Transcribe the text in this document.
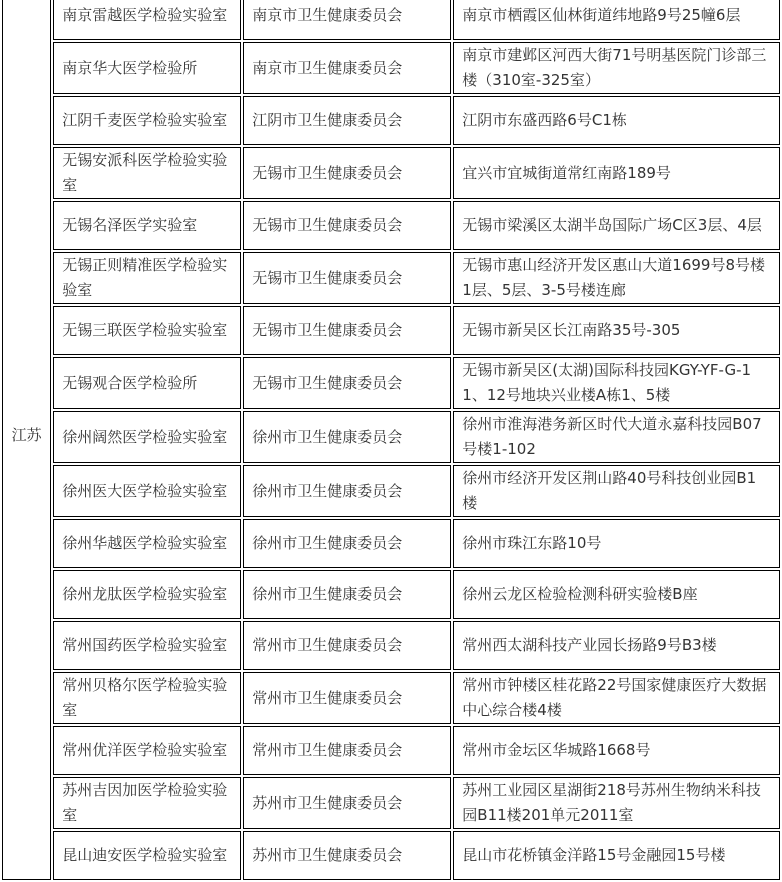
江苏	南京雷越医学检验实验室	南京市卫生健康委员会	南京市栖霞区仙林街道纬地路9号25幢6层
	南京华大医学检验所	南京市卫生健康委员会	南京市建邺区河西大街71号明基医院门诊部三楼（310室-325室）
	江阴千麦医学检验实验室	江阴市卫生健康委员会	江阴市东盛西路6号C1栋
	无锡安派科医学检验实验室	无锡市卫生健康委员会	宜兴市宜城街道常红南路189号
	无锡名泽医学实验室	无锡市卫生健康委员会	无锡市梁溪区太湖半岛国际广场C区3层、4层
	无锡正则精准医学检验实验室	无锡市卫生健康委员会	无锡市惠山经济开发区惠山大道1699号8号楼1层、5层、3-5号楼连廊
	无锡三联医学检验实验室	无锡市卫生健康委员会	无锡市新吴区长江南路35号-305
	无锡观合医学检验所	无锡市卫生健康委员会	无锡市新吴区(太湖)国际科技园KGY-YF-G-11、12号地块兴业楼A栋1、5楼
	徐州阔然医学检验实验室	徐州市卫生健康委员会	徐州市淮海港务新区时代大道永嘉科技园B07号楼1-102
	徐州医大医学检验实验室	徐州市卫生健康委员会	徐州市经济开发区荆山路40号科技创业园B1楼
	徐州华越医学检验实验室	徐州市卫生健康委员会	徐州市珠江东路10号
	徐州龙肽医学检验实验室	徐州市卫生健康委员会	徐州云龙区检验检测科研实验楼B座
	常州国药医学检验实验室	常州市卫生健康委员会	常州西太湖科技产业园长扬路9号B3楼
	常州贝格尔医学检验实验室	常州市卫生健康委员会	常州市钟楼区桂花路22号国家健康医疗大数据中心综合楼4楼
	常州优洋医学检验实验室	常州市卫生健康委员会	常州市金坛区华城路1668号
	苏州吉因加医学检验实验室	苏州市卫生健康委员会	苏州工业园区星湖街218号苏州生物纳米科技园B11楼201单元2011室
	昆山迪安医学检验实验室	苏州市卫生健康委员会	昆山市花桥镇金洋路15号金融园15号楼
